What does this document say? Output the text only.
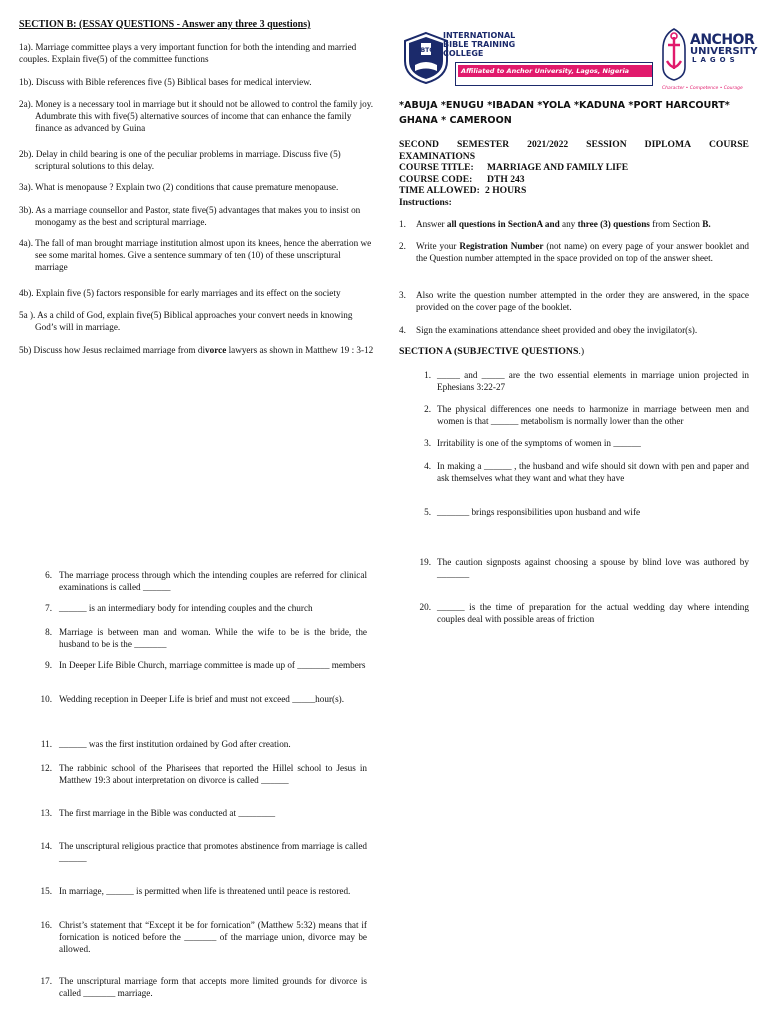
SECTION B: (ESSAY QUESTIONS - Answer any three 3 questions)
1a). Marriage committee plays a very important function for both the intending and married couples. Explain five(5) of the committee functions
1b). Discuss with Bible references five (5) Biblical bases for medical interview.
2a). Money is a necessary tool in marriage but it should not be allowed to control the family joy. Adumbrate this with five(5) alternative sources of income that can enhance the family finance as advanced by Guina
2b). Delay in child bearing is one of the peculiar problems in marriage. Discuss five (5) scriptural solutions to this delay.
3a). What is menopause ? Explain two (2) conditions that cause premature menopause.
3b). As a marriage counsellor and Pastor, state five(5) advantages that makes you to insist on monogamy as the best and scriptural marriage.
4a). The fall of man brought marriage institution almost upon its knees, hence the aberration we see some marital homes. Give a sentence summary of ten (10) of these unscriptural marriage
4b). Explain five (5) factors responsible for early marriages and its effect on the society
5a ). As a child of God, explain five(5) Biblical approaches your convert needs in knowing God’s will in marriage.
5b) Discuss how Jesus reclaimed marriage from divorce lawyers as shown in Matthew 19 : 3-12
6. The marriage process through which the intending couples are referred for clinical examinations is called ______
7. ______ is an intermediary body for intending couples and the church
8. Marriage is between man and woman. While the wife to be is the bride, the husband to be is the _______
9. In Deeper Life Bible Church, marriage committee is made up of _______ members
10. Wedding reception in Deeper Life is brief and must not exceed _____hour(s).
11. ______ was the first institution ordained by God after creation.
12. The rabbinic school of the Pharisees that reported the Hillel school to Jesus in Matthew 19:3 about interpretation on divorce is called ______
13. The first marriage in the Bible was conducted at ________
14. The unscriptural religious practice that promotes abstinence from marriage is called ______
15. In marriage, ______ is permitted when life is threatened until peace is restored.
16. Christ’s statement that “Except it be for fornication” (Matthew 5:32) means that if fornication is noticed before the _______ of the marriage union, divorce may be allowed.
17. The unscriptural marriage form that accepts more limited grounds for divorce is called _______ marriage.
IBTC
INTERNATIONAL
BIBLE TRAINING
COLLEGE
Affiliated to Anchor University, Lagos, Nigeria
ANCHOR
UNIVERSITY
LAGOS
Character • Competence • Courage
*ABUJA *ENUGU *IBADAN *YOLA *KADUNA *PORT HARCOURT* GHANA * CAMEROON
SECOND SEMESTER 2021/2022 SESSION DIPLOMA COURSE
EXAMINATIONS
COURSE TITLE:	MARRIAGE AND FAMILY LIFE
COURSE CODE:	DTH 243
TIME ALLOWED: 2 HOURS
Instructions:
1.	Answer all questions in SectionA and any three (3) questions from Section B.
2.	Write your Registration Number (not name) on every page of your answer booklet and the Question number attempted in the space provided on top of the answer sheet.
3.	Also write the question number attempted in the order they are answered, in the space provided on the cover page of the booklet.
4.	Sign the examinations attendance sheet provided and obey the invigilator(s).
SECTION A (SUBJECTIVE QUESTIONS.)
1. _____ and _____ are the two essential elements in marriage union projected in Ephesians 3:22-27
2. The physical differences one needs to harmonize in marriage between men and women is that ______ metabolism is normally lower than the other
3. Irritability is one of the symptoms of women in ______
4. In making a ______ , the husband and wife should sit down with pen and paper and ask themselves what they want and what they have
5. _______ brings responsibilities upon husband and wife
19. The caution signposts against choosing a spouse by blind love was authored by _______
20. ______ is the time of preparation for the actual wedding day where intending couples deal with possible areas of friction
